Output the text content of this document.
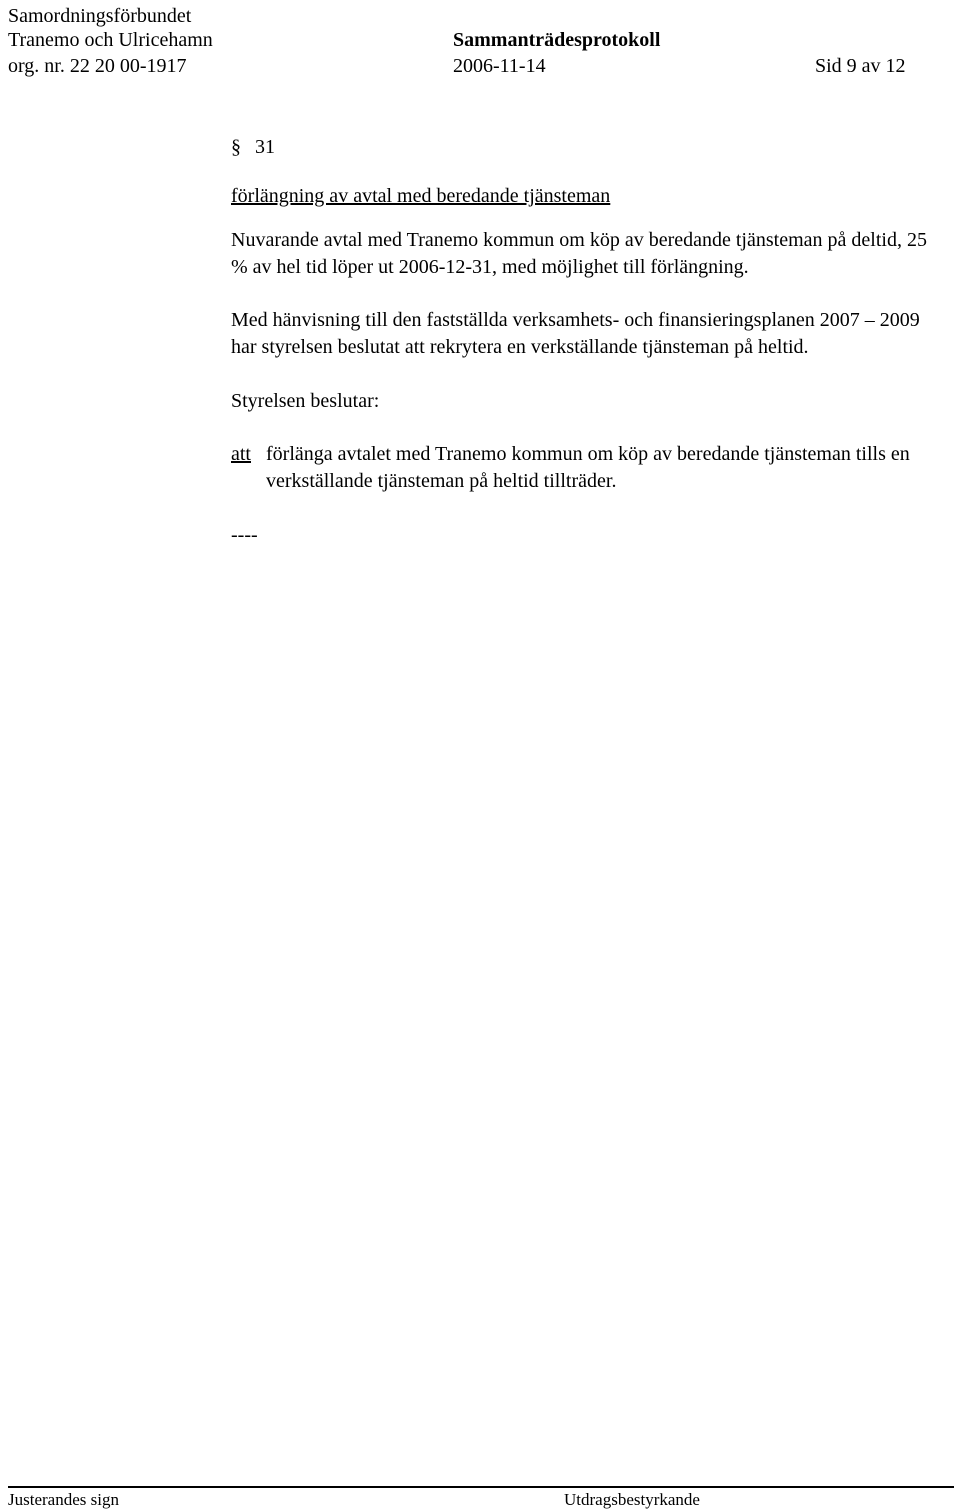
Samordningsförbundet
Tranemo och Ulricehamn	Sammanträdesprotokoll
org. nr. 22 20 00-1917	2006-11-14	Sid 9 av 12
§ 31

förlängning av avtal med beredande tjänsteman

Nuvarande avtal med Tranemo kommun om köp av beredande tjänsteman på deltid, 25 % av hel tid löper ut 2006-12-31, med möjlighet till förlängning.

Med hänvisning till den fastställda verksamhets- och finansieringsplanen 2007 – 2009 har styrelsen beslutat att rekrytera en verkställande tjänsteman på heltid.

Styrelsen beslutar:

att förlänga avtalet med Tranemo kommun om köp av beredande tjänsteman tills en verkställande tjänsteman på heltid tillträder.

----

Justerandes sign	Utdragsbestyrkande
